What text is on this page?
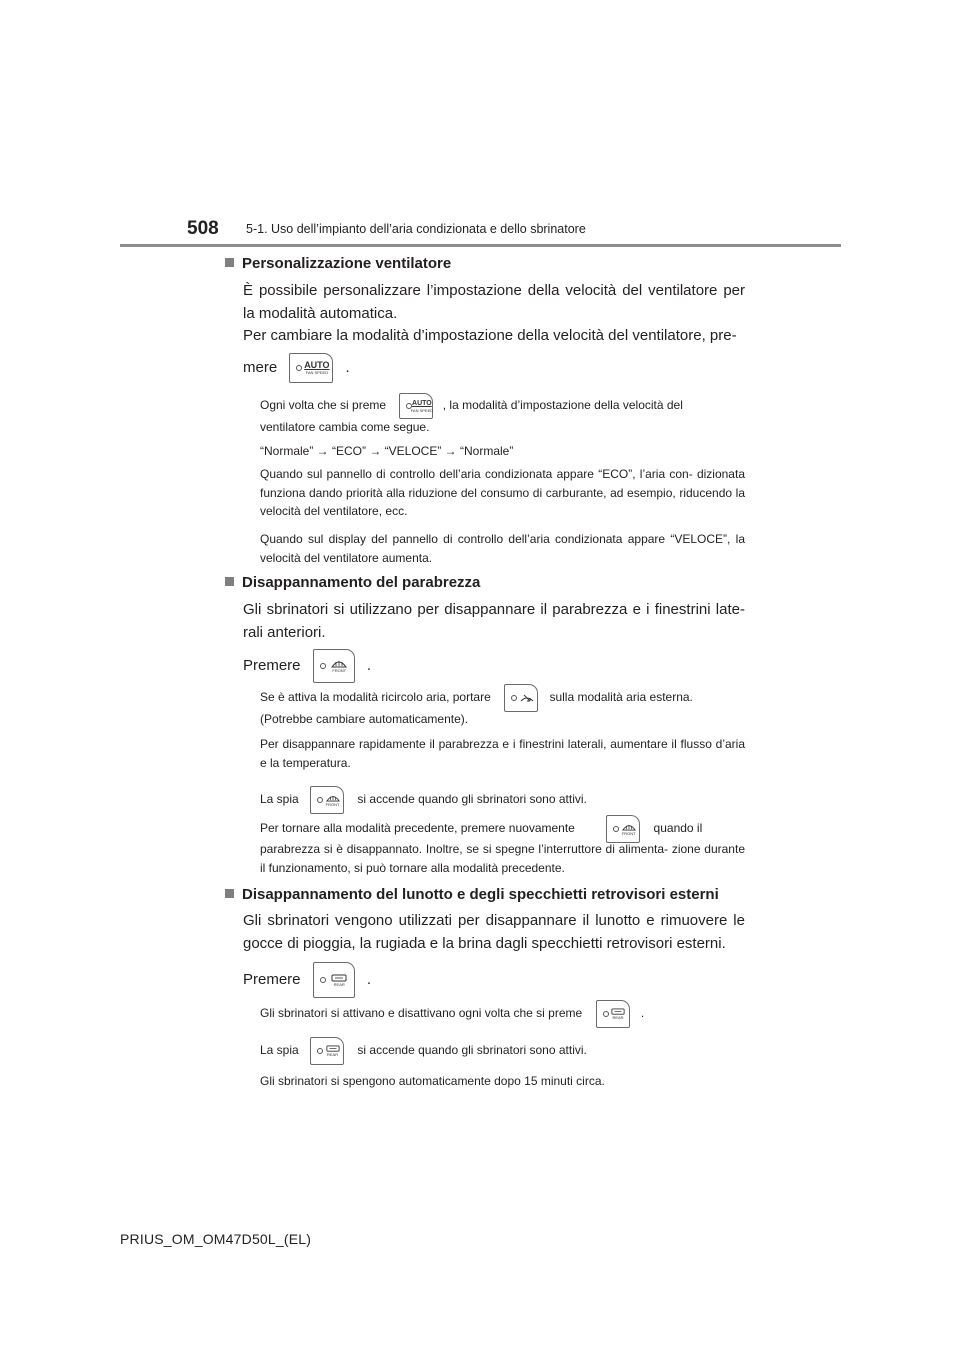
508 5-1. Uso dell’impianto dell’aria condizionata e dello sbrinatore
Personalizzazione ventilatore
È possibile personalizzare l’impostazione della velocità del ventilatore per la modalità automatica.
Per cambiare la modalità d’impostazione della velocità del ventilatore, pre-
mere	AUTO
FAN SPEED .
Ogni volta che si preme	AUTO
FAN SPEED , la modalità d’impostazione della velocità del
ventilatore cambia come segue.
“Normale” → “ECO” → “VELOCE” → “Normale”
Quando sul pannello di controllo dell’aria condizionata appare “ECO”, l’aria con- dizionata funziona dando priorità alla riduzione del consumo di carburante, ad esempio, riducendo la velocità del ventilatore, ecc.
Quando sul display del pannello di controllo dell’aria condizionata appare “VELOCE”, la velocità del ventilatore aumenta.
Disappannamento del parabrezza
Gli sbrinatori si utilizzano per disappannare il parabrezza e i finestrini late- rali anteriori.
Premere	FRONT .
Se è attiva la modalità ricircolo aria, portare	sulla modalità aria esterna.
(Potrebbe cambiare automaticamente).
Per disappannare rapidamente il parabrezza e i finestrini laterali, aumentare il flusso d’aria e la temperatura.
La spia	FRONT si accende quando gli sbrinatori sono attivi.
Per tornare alla modalità precedente, premere nuovamente	FRONT quando il
parabrezza si è disappannato. Inoltre, se si spegne l’interruttore di alimenta- zione durante il funzionamento, si può tornare alla modalità precedente.
Disappannamento del lunotto e degli specchietti retrovisori esterni
Gli sbrinatori vengono utilizzati per disappannare il lunotto e rimuovere le gocce di pioggia, la rugiada e la brina dagli specchietti retrovisori esterni.
Premere	REAR .
Gli sbrinatori si attivano e disattivano ogni volta che si preme	REAR .
La spia	REAR si accende quando gli sbrinatori sono attivi.
Gli sbrinatori si spengono automaticamente dopo 15 minuti circa.
PRIUS_OM_OM47D50L_(EL)
